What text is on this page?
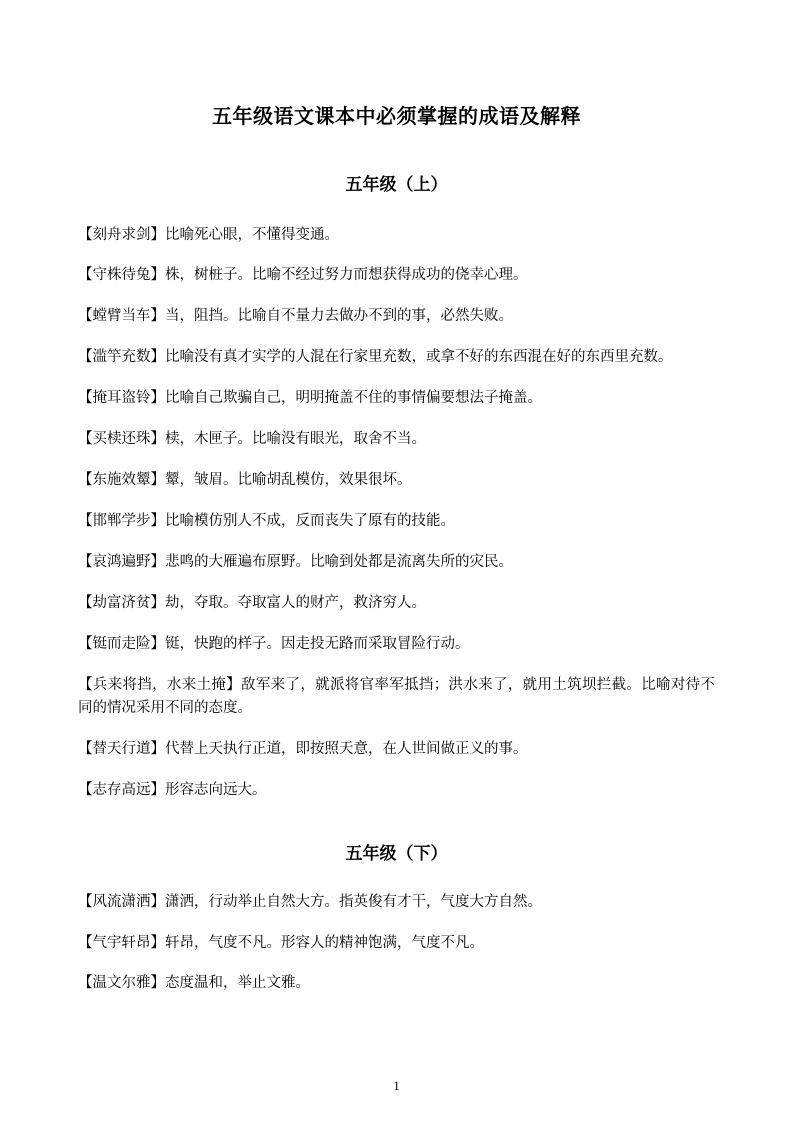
五年级语文课本中必须掌握的成语及解释
五年级（上）

【刻舟求剑】比喻死心眼，不懂得变通。

【守株待兔】株，树桩子。比喻不经过努力而想获得成功的侥幸心理。

【螳臂当车】当，阻挡。比喻自不量力去做办不到的事，必然失败。

【滥竽充数】比喻没有真才实学的人混在行家里充数，或拿不好的东西混在好的东西里充数。

【掩耳盗铃】比喻自己欺骗自己，明明掩盖不住的事情偏要想法子掩盖。

【买椟还珠】椟，木匣子。比喻没有眼光，取舍不当。

【东施效颦】颦，皱眉。比喻胡乱模仿，效果很坏。

【邯郸学步】比喻模仿别人不成，反而丧失了原有的技能。

【哀鸿遍野】悲鸣的大雁遍布原野。比喻到处都是流离失所的灾民。

【劫富济贫】劫，夺取。夺取富人的财产，救济穷人。

【铤而走险】铤，快跑的样子。因走投无路而采取冒险行动。

【兵来将挡，水来土掩】敌军来了，就派将官率军抵挡；洪水来了，就用土筑坝拦截。比喻对待不同的情况采用不同的态度。

【替天行道】代替上天执行正道，即按照天意，在人世间做正义的事。

【志存高远】形容志向远大。

五年级（下）

【风流潇洒】潇洒，行动举止自然大方。指英俊有才干，气度大方自然。

【气宇轩昂】轩昂，气度不凡。形容人的精神饱满，气度不凡。

【温文尔雅】态度温和，举止文雅。

1
